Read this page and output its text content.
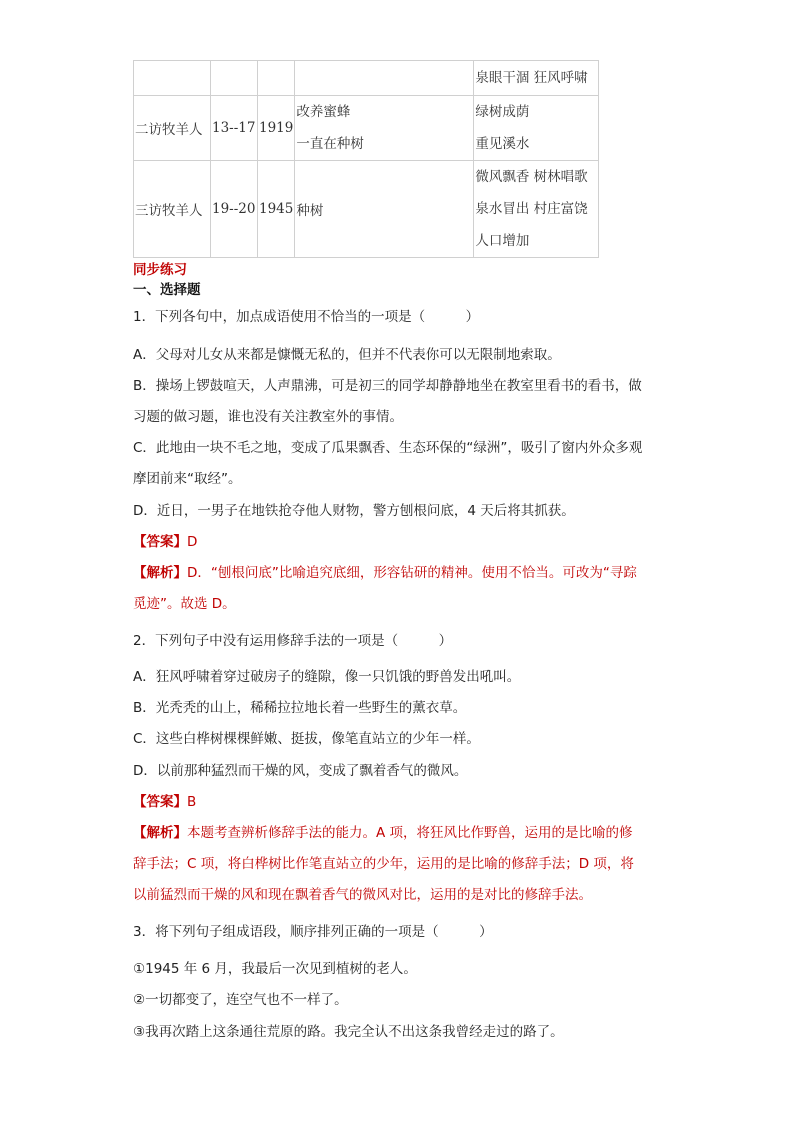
				泉眼干涸 狂风呼啸

二访牧羊人	13--17	1919	改养蜜蜂
一直在种树	绿树成荫
重见溪水

三访牧羊人	19--20	1945	种树	微风飘香 树林唱歌
泉水冒出 村庄富饶
人口增加
同步练习
一、选择题
1．下列各句中，加点成语使用不恰当的一项是（　　　）
A．父母对儿女从来都是慷慨无私的，但并不代表你可以无限制地索取。
B．操场上锣鼓喧天，人声鼎沸，可是初三的同学却静静地坐在教室里看书的看书，做
习题的做习题，谁也没有关注教室外的事情。
C．此地由一块不毛之地，变成了瓜果飘香、生态环保的“绿洲”，吸引了窗内外众多观
摩团前来“取经”。
D．近日，一男子在地铁抢夺他人财物，警方刨根问底，4 天后将其抓获。
【答案】D
【解析】D．“刨根问底”比喻追究底细，形容钻研的精神。使用不恰当。可改为“寻踪
觅迹”。故选 D。
2．下列句子中没有运用修辞手法的一项是（　　　）
A．狂风呼啸着穿过破房子的缝隙，像一只饥饿的野兽发出吼叫。
B．光秃秃的山上，稀稀拉拉地长着一些野生的薰衣草。
C．这些白桦树棵棵鲜嫩、挺拔，像笔直站立的少年一样。
D．以前那种猛烈而干燥的风，变成了飘着香气的微风。
【答案】B
【解析】本题考查辨析修辞手法的能力。A 项，将狂风比作野兽，运用的是比喻的修
辞手法；C 项，将白桦树比作笔直站立的少年，运用的是比喻的修辞手法；D 项，将
以前猛烈而干燥的风和现在飘着香气的微风对比，运用的是对比的修辞手法。
3．将下列句子组成语段，顺序排列正确的一项是（　　　）
①1945 年 6 月，我最后一次见到植树的老人。
②一切都变了，连空气也不一样了。
③我再次踏上这条通往荒原的路。我完全认不出这条我曾经走过的路了。
